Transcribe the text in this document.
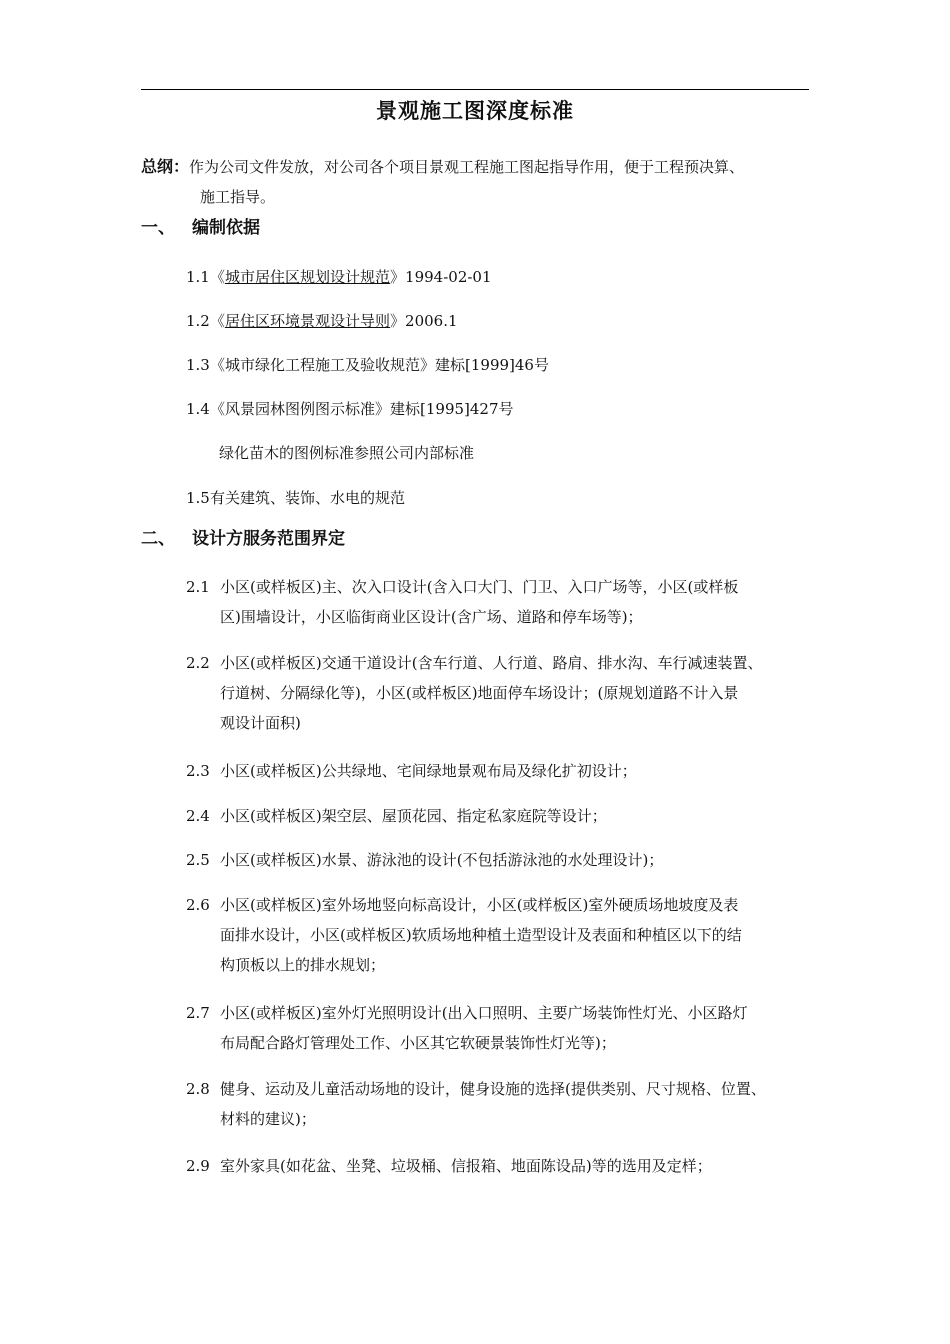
景观施工图深度标准
总纲：作为公司文件发放，对公司各个项目景观工程施工图起指导作用，便于工程预决算、
施工指导。
一、 编制依据
1.1 《城市居住区规划设计规范》1994-02-01
1.2 《居住区环境景观设计导则》2006.1
1.3 《城市绿化工程施工及验收规范》建标[1999]46号
1.4 《风景园林图例图示标准》建标[1995]427号
绿化苗木的图例标准参照公司内部标准
1.5 有关建筑、装饰、水电的规范
二、 设计方服务范围界定
2.1 小区(或样板区)主、次入口设计(含入口大门、门卫、入口广场等，小区(或样板
区)围墙设计，小区临街商业区设计(含广场、道路和停车场等)；
2.2 小区(或样板区)交通干道设计(含车行道、人行道、路肩、排水沟、车行减速装置、
行道树、分隔绿化等)，小区(或样板区)地面停车场设计；(原规划道路不计入景
观设计面积)
2.3 小区(或样板区)公共绿地、宅间绿地景观布局及绿化扩初设计；
2.4 小区(或样板区)架空层、屋顶花园、指定私家庭院等设计；
2.5 小区(或样板区)水景、游泳池的设计(不包括游泳池的水处理设计)；
2.6 小区(或样板区)室外场地竖向标高设计，小区(或样板区)室外硬质场地坡度及表
面排水设计，小区(或样板区)软质场地种植土造型设计及表面和种植区以下的结
构顶板以上的排水规划；
2.7 小区(或样板区)室外灯光照明设计(出入口照明、主要广场装饰性灯光、小区路灯
布局配合路灯管理处工作、小区其它软硬景装饰性灯光等)；
2.8 健身、运动及儿童活动场地的设计，健身设施的选择(提供类别、尺寸规格、位置、
材料的建议)；
2.9 室外家具(如花盆、坐凳、垃圾桶、信报箱、地面陈设品)等的选用及定样；
